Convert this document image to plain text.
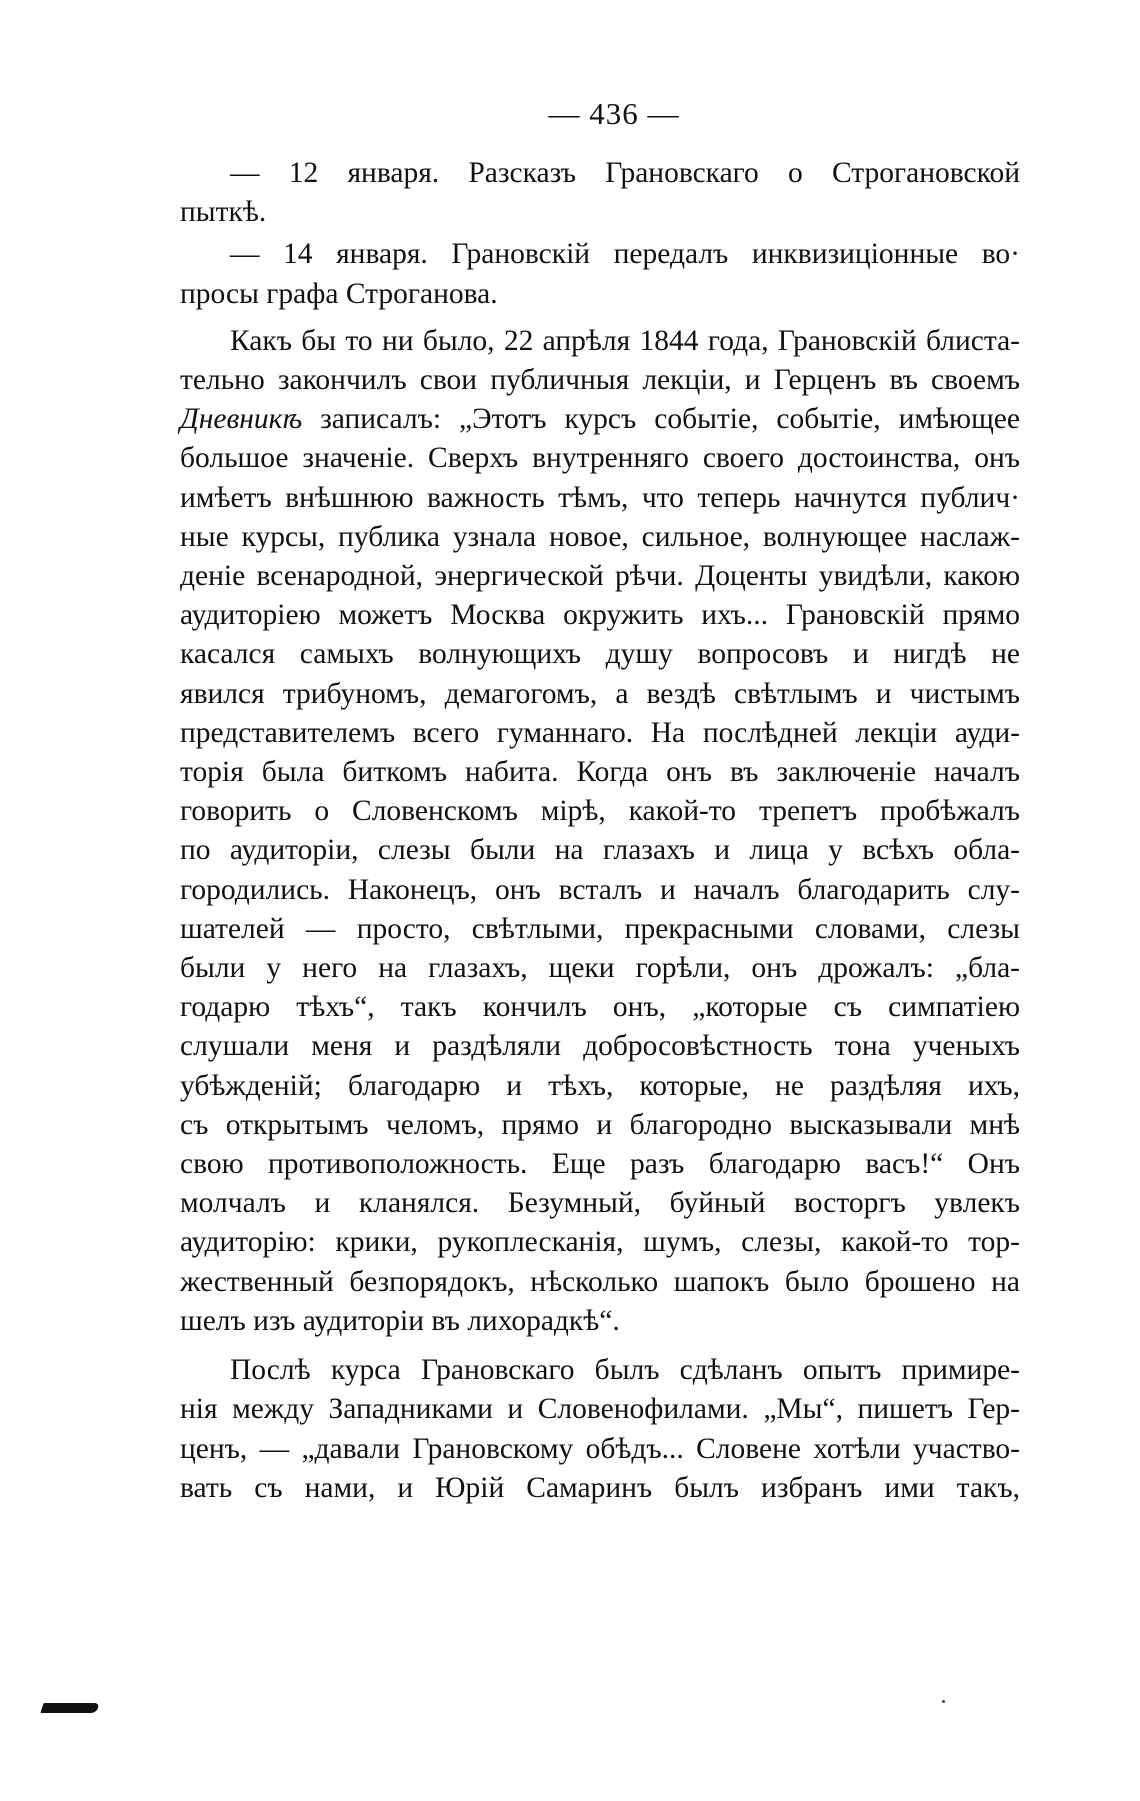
— 436 —
— 12 января. Разсказъ Грановскаго о Строгановской
пыткѣ.
— 14 января. Грановскій передалъ инквизиціонные во·
просы графа Строганова.
Какъ бы то ни было, 22 апрѣля 1844 года, Грановскій блиста-
тельно закончилъ свои публичныя лекціи, и Герценъ въ своемъ
Дневникѣ записалъ: „Этотъ курсъ событіе, событіе, имѣющее
большое значеніе. Сверхъ внутренняго своего достоинства, онъ
имѣетъ внѣшнюю важность тѣмъ, что теперь начнутся публич·
ные курсы, публика узнала новое, сильное, волнующее наслаж-
деніе всенародной, энергической рѣчи. Доценты увидѣли, какою
аудиторіею можетъ Москва окружить ихъ... Грановскій прямо
касался самыхъ волнующихъ душу вопросовъ и нигдѣ не
явился трибуномъ, демагогомъ, а вездѣ свѣтлымъ и чистымъ
представителемъ всего гуманнаго. На послѣдней лекціи ауди-
торія была биткомъ набита. Когда онъ въ заключеніе началъ
говорить о Словенскомъ мірѣ, какой-то трепетъ пробѣжалъ
по аудиторіи, слезы были на глазахъ и лица у всѣхъ обла-
городились. Наконецъ, онъ всталъ и началъ благодарить слу-
шателей — просто, свѣтлыми, прекрасными словами, слезы
были у него на глазахъ, щеки горѣли, онъ дрожалъ: „бла-
годарю тѣхъ“, такъ кончилъ онъ, „которые съ симпатіею
слушали меня и раздѣляли добросовѣстность тона ученыхъ
убѣжденій; благодарю и тѣхъ, которые, не раздѣляя ихъ,
съ открытымъ челомъ, прямо и благородно высказывали мнѣ
свою противоположность. Еще разъ благодарю васъ!“ Онъ
молчалъ и кланялся. Безумный, буйный восторгъ увлекъ
аудиторію: крики, рукоплесканія, шумъ, слезы, какой-то тор-
жественный безпорядокъ, нѣсколько шапокъ было брошено на
шелъ изъ аудиторіи въ лихорадкѣ“.
Послѣ курса Грановскаго былъ сдѣланъ опытъ примире-
нія между Западниками и Словенофилами. „Мы“, пишетъ Гер-
ценъ, — „давали Грановскому обѣдъ... Словене хотѣли участво-
вать съ нами, и Юрій Самаринъ былъ избранъ ими такъ,
